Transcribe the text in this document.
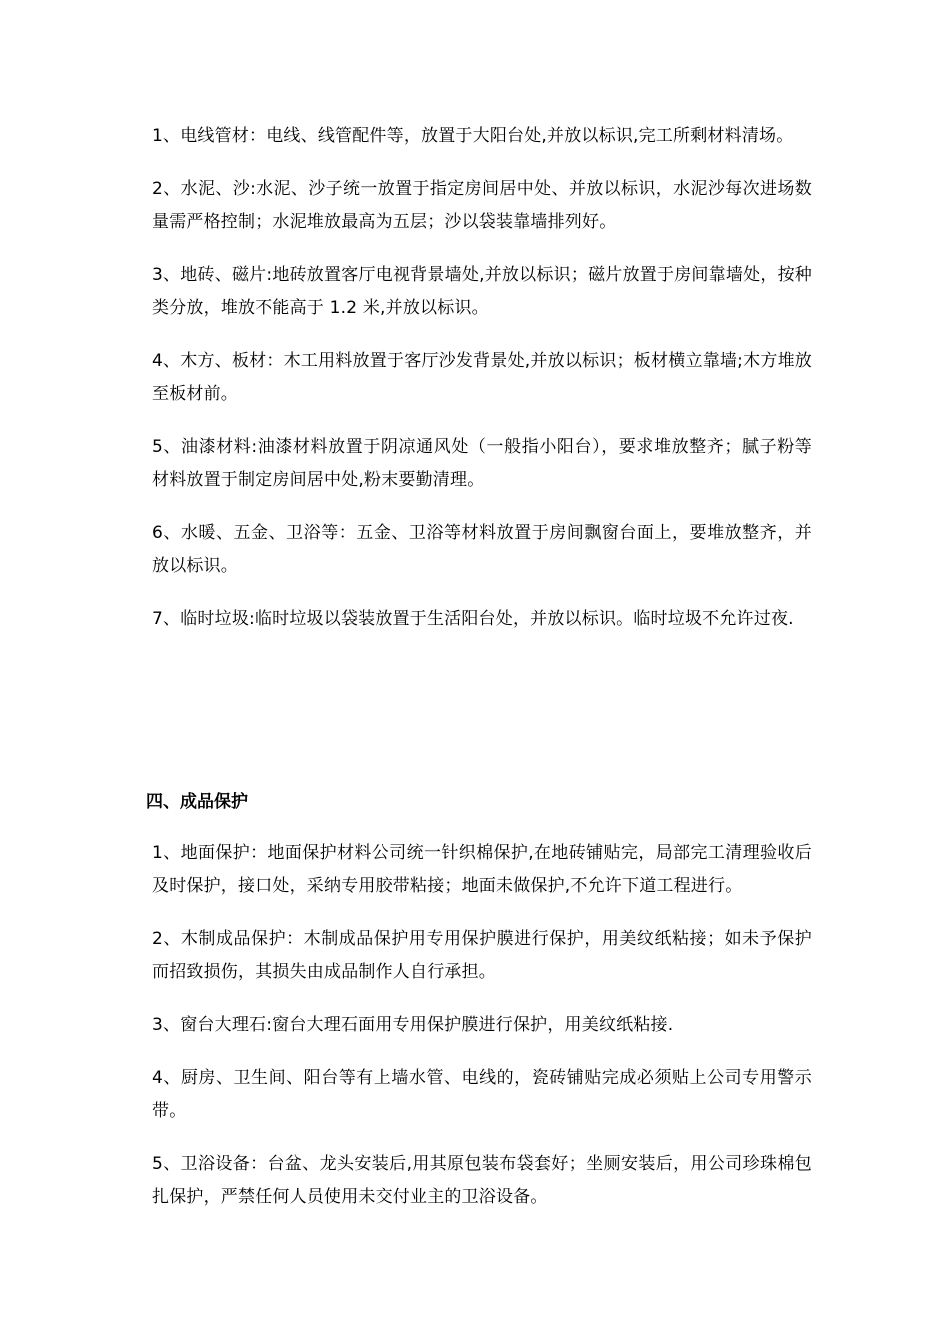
1、电线管材：电线、线管配件等，放置于大阳台处,并放以标识,完工所剩材料清场。

2、水泥、沙:水泥、沙子统一放置于指定房间居中处、并放以标识，水泥沙每次进场数量需严格控制；水泥堆放最高为五层；沙以袋装靠墙排列好。

3、地砖、磁片:地砖放置客厅电视背景墙处,并放以标识；磁片放置于房间靠墙处，按种类分放，堆放不能高于 1.2 米,并放以标识。

4、木方、板材：木工用料放置于客厅沙发背景处,并放以标识；板材横立靠墙;木方堆放至板材前。

5、油漆材料:油漆材料放置于阴凉通风处（一般指小阳台），要求堆放整齐；腻子粉等材料放置于制定房间居中处,粉末要勤清理。

6、水暖、五金、卫浴等：五金、卫浴等材料放置于房间飘窗台面上，要堆放整齐，并放以标识。

7、临时垃圾:临时垃圾以袋装放置于生活阳台处，并放以标识。临时垃圾不允许过夜.

四、成品保护

1、地面保护：地面保护材料公司统一针织棉保护,在地砖铺贴完，局部完工清理验收后及时保护，接口处，采纳专用胶带粘接；地面未做保护,不允许下道工程进行。

2、木制成品保护：木制成品保护用专用保护膜进行保护，用美纹纸粘接；如未予保护而招致损伤，其损失由成品制作人自行承担。

3、窗台大理石:窗台大理石面用专用保护膜进行保护，用美纹纸粘接.

4、厨房、卫生间、阳台等有上墙水管、电线的，瓷砖铺贴完成必须贴上公司专用警示带。

5、卫浴设备：台盆、龙头安装后,用其原包装布袋套好；坐厕安装后，用公司珍珠棉包扎保护，严禁任何人员使用未交付业主的卫浴设备。
